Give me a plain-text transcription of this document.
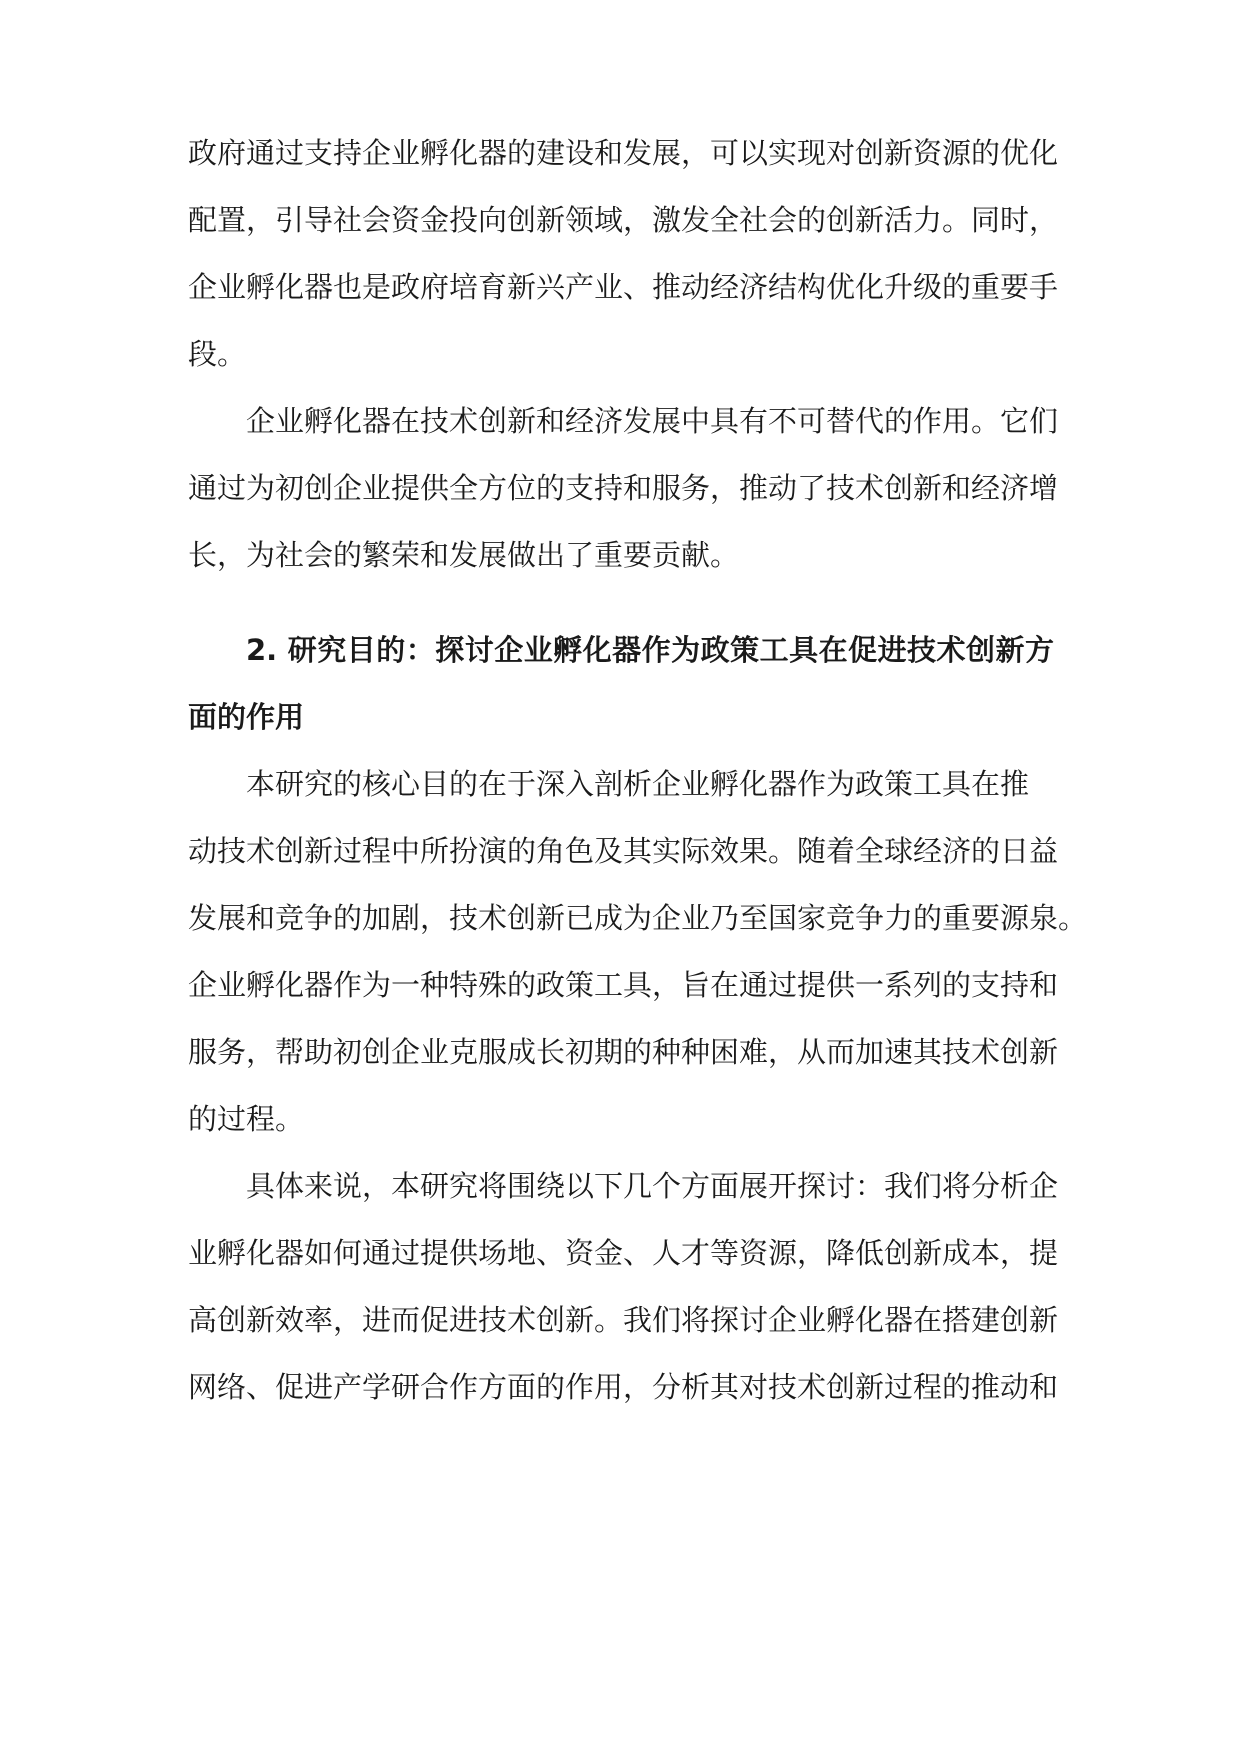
政府通过支持企业孵化器的建设和发展，可以实现对创新资源的优化
配置，引导社会资金投向创新领域，激发全社会的创新活力。同时，
企业孵化器也是政府培育新兴产业、推动经济结构优化升级的重要手
段。
企业孵化器在技术创新和经济发展中具有不可替代的作用。它们
通过为初创企业提供全方位的支持和服务，推动了技术创新和经济增
长，为社会的繁荣和发展做出了重要贡献。
2. 研究目的：探讨企业孵化器作为政策工具在促进技术创新方
面的作用
本研究的核心目的在于深入剖析企业孵化器作为政策工具在推
动技术创新过程中所扮演的角色及其实际效果。随着全球经济的日益
发展和竞争的加剧，技术创新已成为企业乃至国家竞争力的重要源泉。
企业孵化器作为一种特殊的政策工具，旨在通过提供一系列的支持和
服务，帮助初创企业克服成长初期的种种困难，从而加速其技术创新
的过程。
具体来说，本研究将围绕以下几个方面展开探讨：我们将分析企
业孵化器如何通过提供场地、资金、人才等资源，降低创新成本，提
高创新效率，进而促进技术创新。我们将探讨企业孵化器在搭建创新
网络、促进产学研合作方面的作用，分析其对技术创新过程的推动和
